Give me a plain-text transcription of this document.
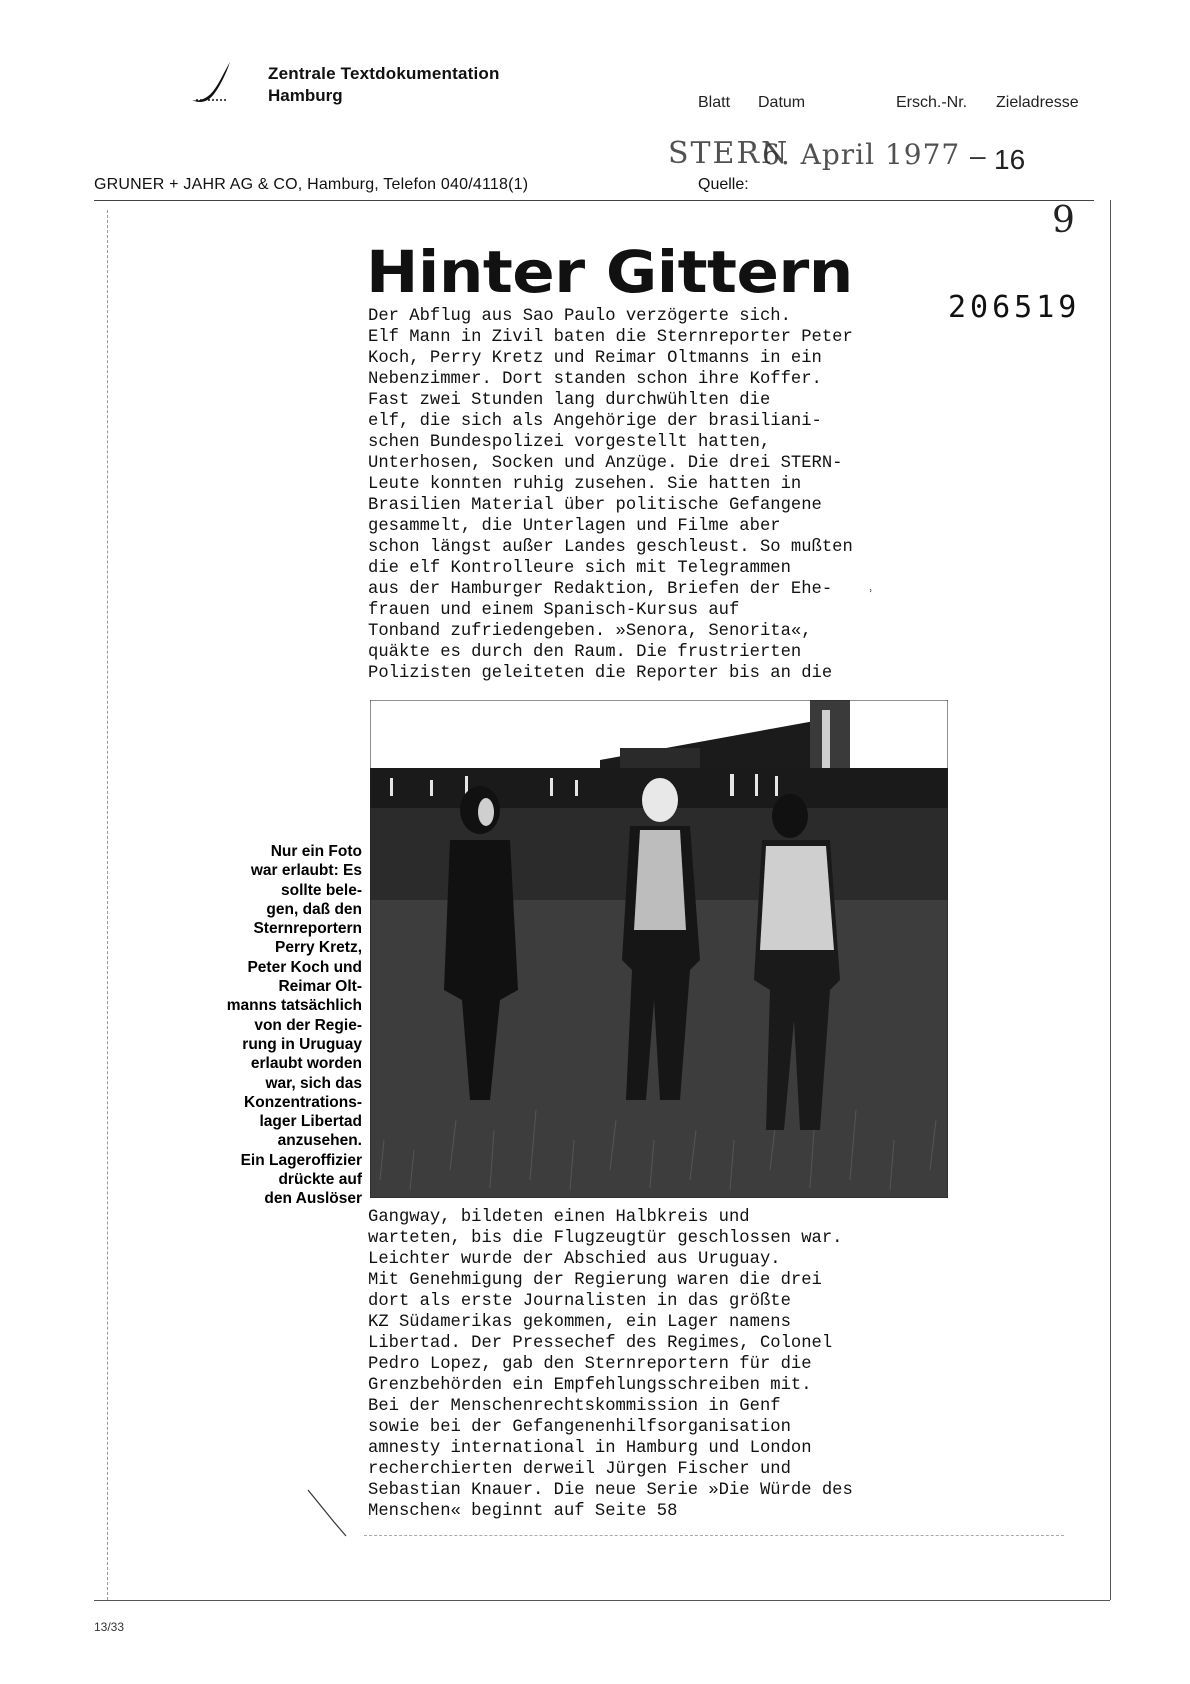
Zentrale Textdokumentation
Hamburg	Blatt Datum	Ersch.-Nr. Zieladresse
STERN
6. April 1977 – 16
GRUNER + JAHR AG & CO, Hamburg, Telefon 040/4118(1)	Quelle:
9
206519
Hinter Gittern
Der Abflug aus Sao Paulo verzögerte sich.
Elf Mann in Zivil baten die Sternreporter Peter
Koch, Perry Kretz und Reimar Oltmanns in ein
Nebenzimmer. Dort standen schon ihre Koffer.
Fast zwei Stunden lang durchwühlten die
elf, die sich als Angehörige der brasiliani-
schen Bundespolizei vorgestellt hatten,
Unterhosen, Socken und Anzüge. Die drei STERN-
Leute konnten ruhig zusehen. Sie hatten in
Brasilien Material über politische Gefangene
gesammelt, die Unterlagen und Filme aber
schon längst außer Landes geschleust. So mußten
die elf Kontrolleure sich mit Telegrammen
aus der Hamburger Redaktion, Briefen der Ehe-
frauen und einem Spanisch-Kursus auf
Tonband zufriedengeben. »Senora, Senorita«,
quäkte es durch den Raum. Die frustrierten
Polizisten geleiteten die Reporter bis an die
˒
Nur ein Foto
war erlaubt: Es
sollte bele-
gen, daß den
Sternreportern
Perry Kretz,
Peter Koch und
Reimar Olt-
manns tatsächlich
von der Regie-
rung in Uruguay
erlaubt worden
war, sich das
Konzentrations-
lager Libertad
anzusehen.
Ein Lageroffizier
drückte auf
den Auslöser
Gangway, bildeten einen Halbkreis und
warteten, bis die Flugzeugtür geschlossen war.
Leichter wurde der Abschied aus Uruguay.
Mit Genehmigung der Regierung waren die drei
dort als erste Journalisten in das größte
KZ Südamerikas gekommen, ein Lager namens
Libertad. Der Pressechef des Regimes, Colonel
Pedro Lopez, gab den Sternreportern für die
Grenzbehörden ein Empfehlungsschreiben mit.
Bei der Menschenrechtskommission in Genf
sowie bei der Gefangenenhilfsorganisation
amnesty international in Hamburg und London
recherchierten derweil Jürgen Fischer und
Sebastian Knauer. Die neue Serie »Die Würde des
Menschen« beginnt auf Seite 58
13/33
